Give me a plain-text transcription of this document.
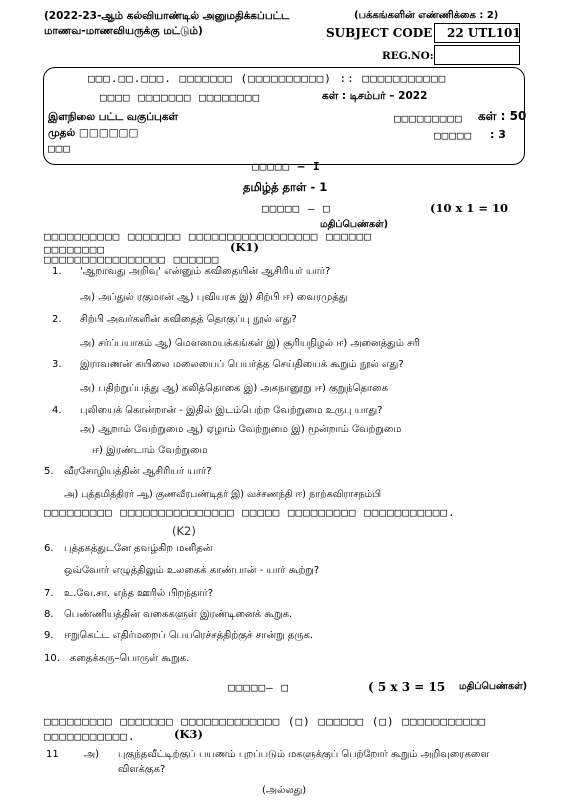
(2022-23-ஆம் கல்வியாண்டில் அனுமதிக்கப்பட்ட
மாணவ-மாணவியருக்கு மட்டும்)
(பக்கங்களின் எண்ணிக்கை : 2)
SUBJECT CODE 22 UTL101
REG.NO:
□□□.□□.□□□. □□□□□□□ (□□□□□□□□□□) :: □□□□□□□□□□□
□□□□ □□□□□□□ □□□□□□□□	கள் : டிசம்பர் – 2022
இளநிலை பட்ட வகுப்புகள்	□□□□□□□□□ கள் : 50
முதல் □□□□□□	□□□□□ : 3
□□□
□□□□□ – I
தமிழ்த் தாள் - 1
□□□□□ – □	(10 x 1 = 10
மதிப்பெண்கள்)
□□□□□□□□□□ □□□□□□□ □□□□□□□□□□□□□□□□□ □□□□□□
□□□□□□□□	(K1)
□□□□□□□□□□□□□□□□ □□□□□□
1. 'ஆறாவது அறிவு' என்னும் கவிதையின் ஆசிரியர் யார்?
அ) அப்துல் ரகுமான் ஆ) புவியரசு இ) சிற்பி ஈ) வைரமுத்து
2. சிற்பி அவர்களின் கவிதைத் தொகுப்பு நூல் எது?
அ) சர்ப்பயாகம் ஆ) மௌனமயக்கங்கள் இ) சூரியநிழல் ஈ) அனைத்தும் சரி
3. இராவணன் கயிலை மலையைப் பெயர்த்த செய்தியைக் கூறும் நூல் எது?
அ) பதிற்றுப்பத்து ஆ) கலித்தொகை இ) அகநானூறு ஈ) குறுந்தொகை
4. புலியைக் கொன்றான் - இதில் இடம்பெற்ற வேற்றுமை உருபு யாது?
அ) ஆறாம் வேற்றுமை ஆ) ஏழாம் வேற்றுமை இ) மூன்றாம் வேற்றுமை
ஈ) இரண்டாம் வேற்றுமை
5. வீரசோழியத்தின் ஆசிரியர் யார்?
அ) புத்தமித்திரர் ஆ) குணவீரபண்டிதர் இ) வச்சணந்தி ஈ) நாற்கவிராசநம்பி
□□□□□□□□□ □□□□□□□□□□□□□□□ □□□□□ □□□□□□□□□ □□□□□□□□□□□.
(K2)
6. புத்தகத்துடனே தவழ்கிற மனிதன்
ஒவ்வோர் எழுத்திலும் உலகைக் காண்பான் - யார் கூற்று?
7. உ.வே.சா. எந்த ஊரில் பிறந்தார்?
8. பெண்ணியத்தின் வகைகளுள் இரண்டினைக் கூறுக.
9. ஈறுகெட்ட எதிர்மறைப் பெயரெச்சத்திற்குச் சான்று தருக.
10. கதைக்கரு–பொருள் கூறுக.
□□□□□– □	( 5 x 3 = 15 மதிப்பெண்கள்)
□□□□□□□□□ □□□□□□□ □□□□□□□□□□□□□ (□) □□□□□□ (□) □□□□□□□□□□□
□□□□□□□□□□□.	(K3)
11	அ) புகுந்தவீட்டிற்குப் பயணம் புறப்படும் மகளுக்குப் பெற்றோர் கூறும் அறிவுரைகளை
விளக்குக?
(அல்லது)
